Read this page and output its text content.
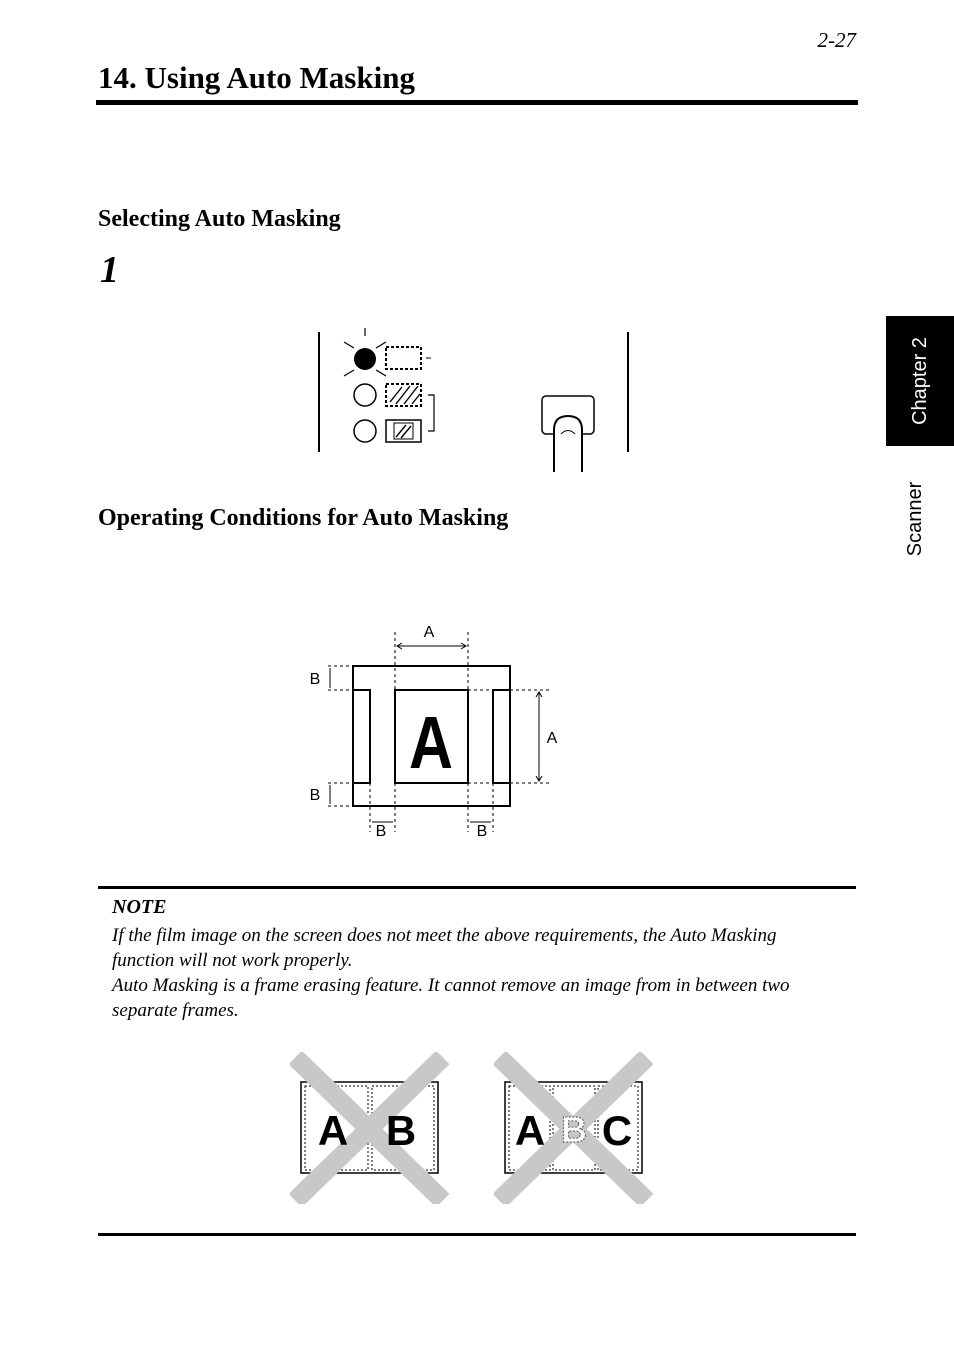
2-27
14. Using Auto Masking
Selecting Auto Masking
1
Operating Conditions for Auto Masking
Chapter 2
Scanner
A
A
A
B
B
B	B
NOTE
If the film image on the screen does not meet the above requirements, the Auto Masking
function will not work properly.
Auto Masking is a frame erasing feature. It cannot remove an image from in between two
separate frames.
A B A B C
